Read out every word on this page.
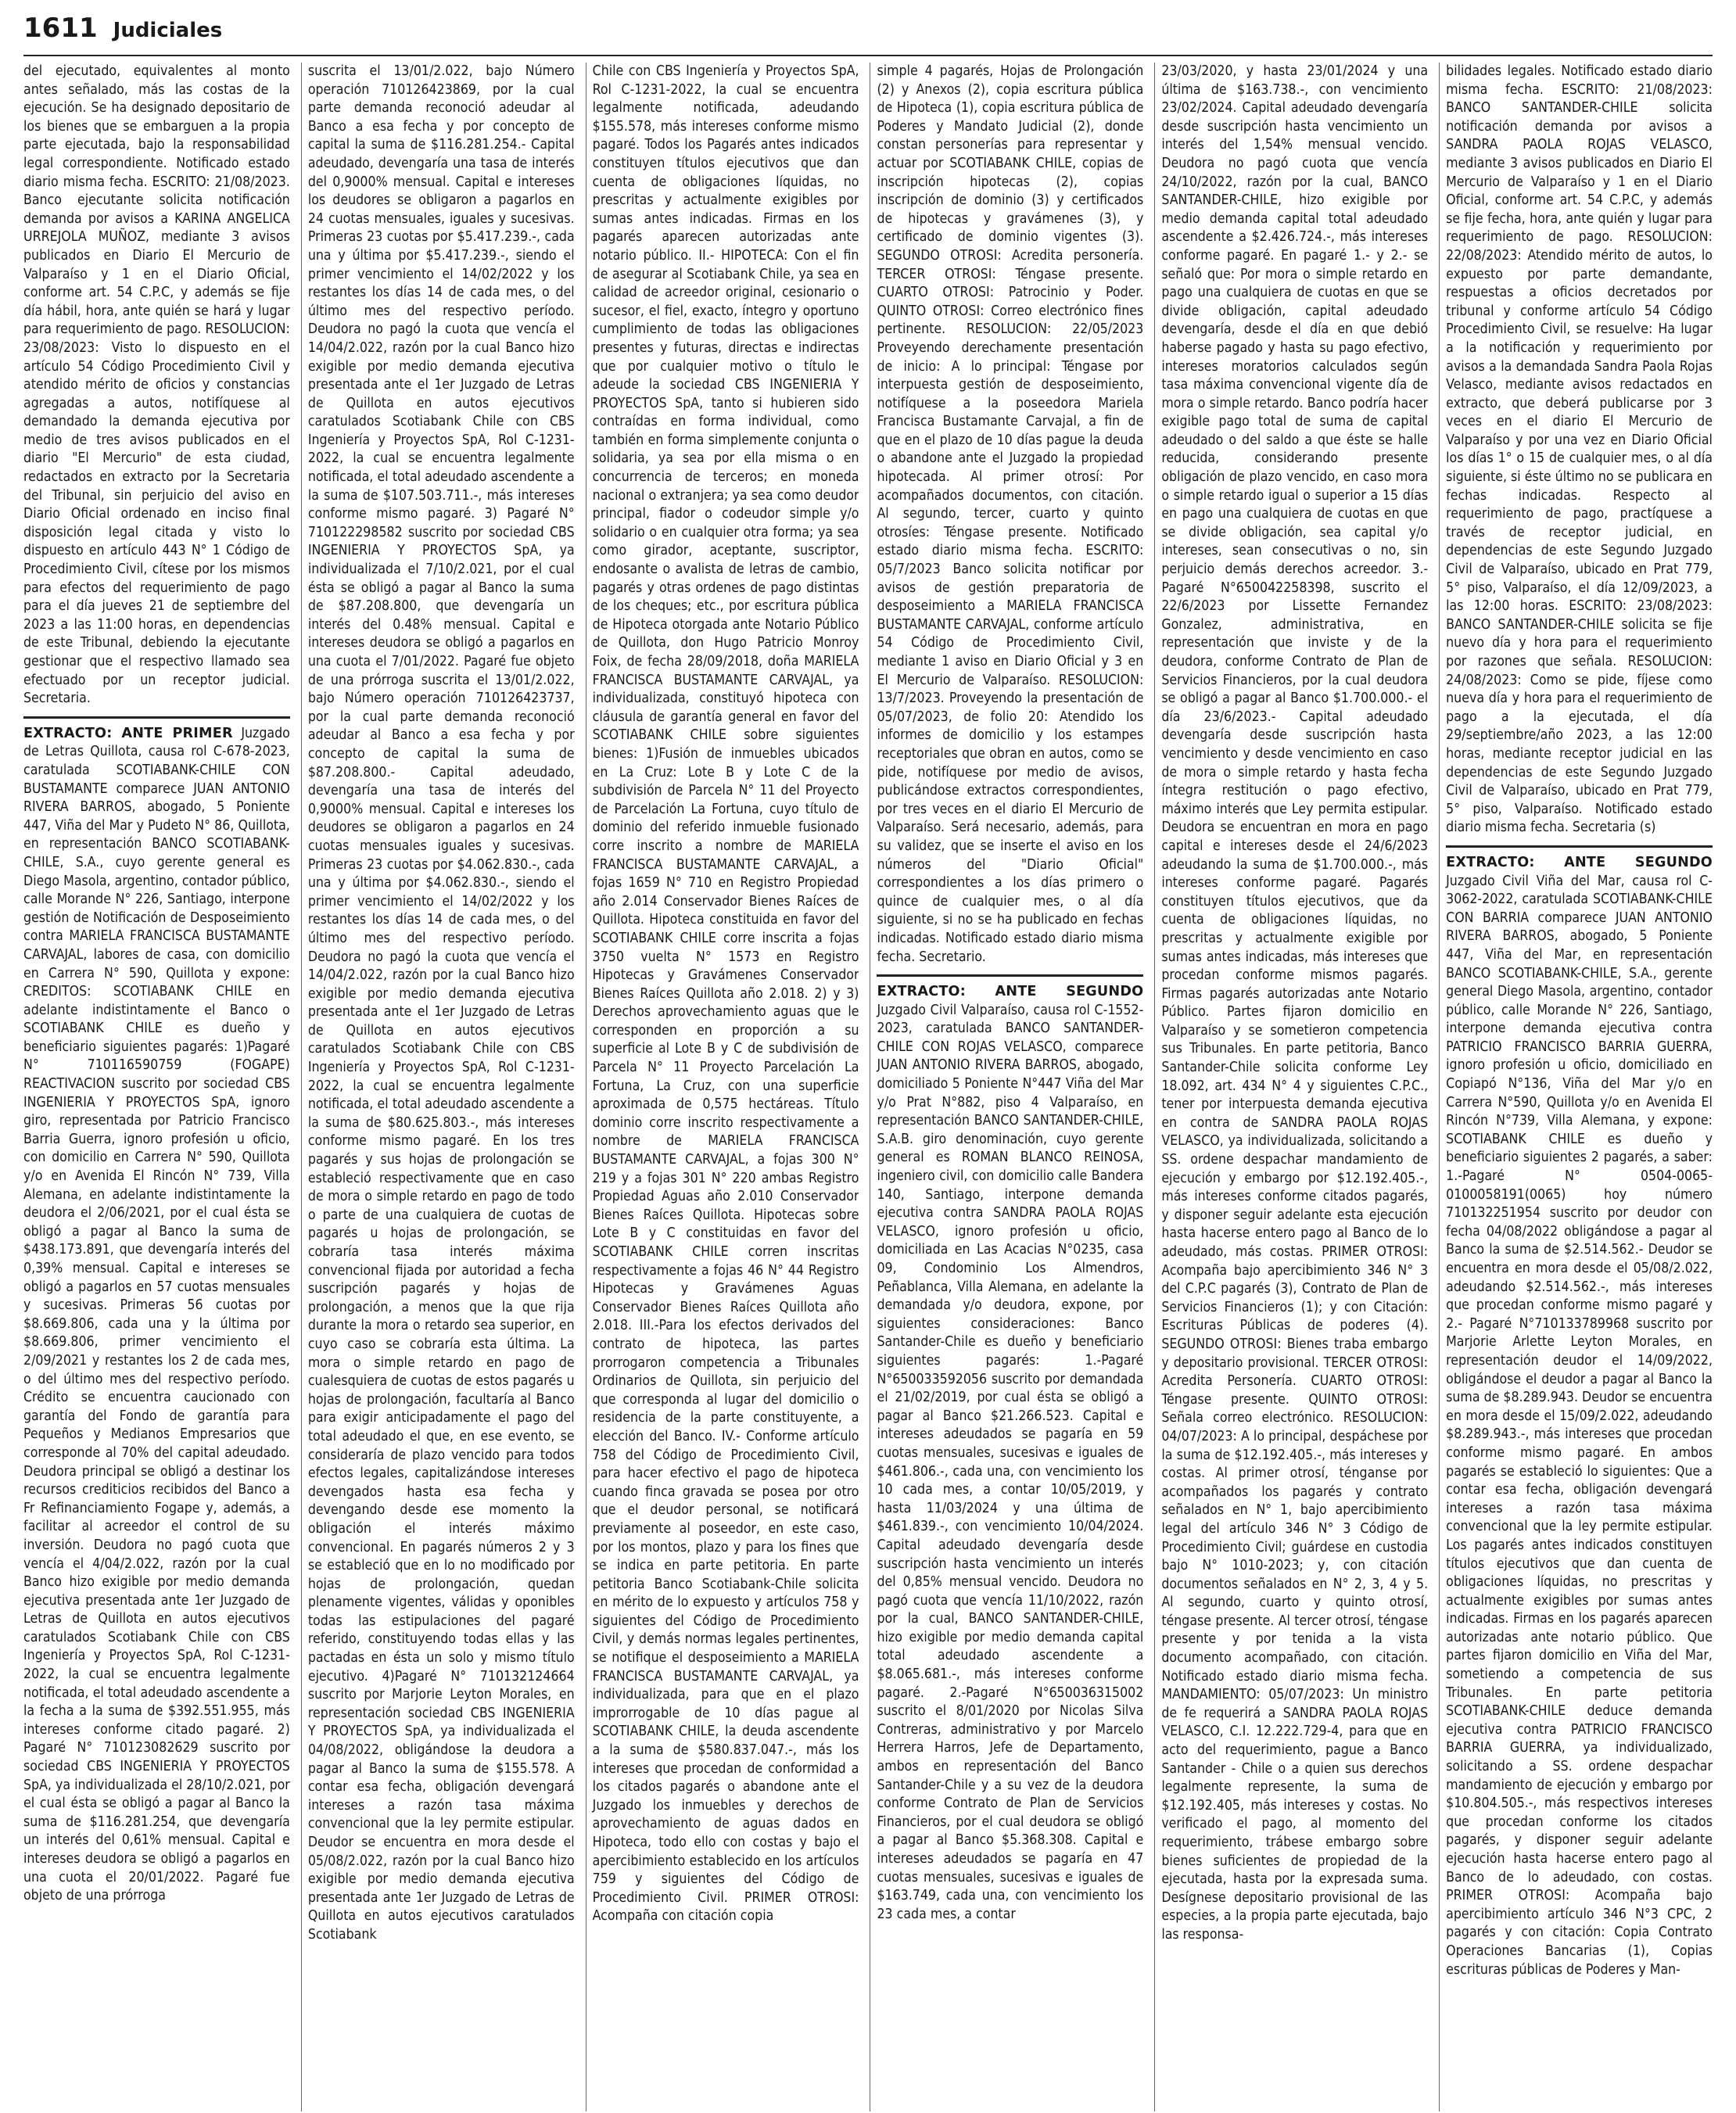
1611 Judiciales

del ejecutado, equivalentes al monto antes señalado, más las costas de la ejecución. Se ha designado depositario de los bienes que se embarguen a la propia parte ejecutada, bajo la responsabilidad legal correspondiente. Notificado estado diario misma fecha. ESCRITO: 21/08/2023. Banco ejecutante solicita notificación demanda por avisos a KARINA ANGELICA URREJOLA MUÑOZ, mediante 3 avisos publicados en Diario El Mercurio de Valparaíso y 1 en el Diario Oficial, conforme art. 54 C.P.C, y además se fije día hábil, hora, ante quién se hará y lugar para requerimiento de pago. RESOLUCION: 23/08/2023: Visto lo dispuesto en el artículo 54 Código Procedimiento Civil y atendido mérito de oficios y constancias agregadas a autos, notifíquese al demandado la demanda ejecutiva por medio de tres avisos publicados en el diario "El Mercurio" de esta ciudad, redactados en extracto por la Secretaria del Tribunal, sin perjuicio del aviso en Diario Oficial ordenado en inciso final disposición legal citada y visto lo dispuesto en artículo 443 N° 1 Código de Procedimiento Civil, cítese por los mismos para efectos del requerimiento de pago para el día jueves 21 de septiembre del 2023 a las 11:00 horas, en dependencias de este Tribunal, debiendo la ejecutante gestionar que el respectivo llamado sea efectuado por un receptor judicial. Secretaria.

EXTRACTO: ANTE PRIMER Juzgado de Letras Quillota, causa rol C-678-2023, caratulada SCOTIABANK-CHILE CON BUSTAMANTE comparece JUAN ANTONIO RIVERA BARROS, abogado, 5 Poniente 447, Viña del Mar y Pudeto N° 86, Quillota, en representación BANCO SCOTIABANK-CHILE, S.A., cuyo gerente general es Diego Masola, argentino, contador público, calle Morande N° 226, Santiago, interpone gestión de Notificación de Desposeimiento contra MARIELA FRANCISCA BUSTAMANTE CARVAJAL, labores de casa, con domicilio en Carrera N° 590, Quillota y expone: CREDITOS: SCOTIABANK CHILE en adelante indistintamente el Banco o SCOTIABANK CHILE es dueño y beneficiario siguientes pagarés: 1)Pagaré N° 710116590759 (FOGAPE) REACTIVACION suscrito por sociedad CBS INGENIERIA Y PROYECTOS SpA, ignoro giro, representada por Patricio Francisco Barria Guerra, ignoro profesión u oficio, con domicilio en Carrera N° 590, Quillota y/o en Avenida El Rincón N° 739, Villa Alemana, en adelante indistintamente la deudora el 2/06/2021, por el cual ésta se obligó a pagar al Banco la suma de $438.173.891, que devengaría interés del 0,39% mensual. Capital e intereses se obligó a pagarlos en 57 cuotas mensuales y sucesivas. Primeras 56 cuotas por $8.669.806, cada una y la última por $8.669.806, primer vencimiento el 2/09/2021 y restantes los 2 de cada mes, o del último mes del respectivo período. Crédito se encuentra caucionado con garantía del Fondo de garantía para Pequeños y Medianos Empresarios que corresponde al 70% del capital adeudado. Deudora principal se obligó a destinar los recursos crediticios recibidos del Banco a Fr Refinanciamiento Fogape y, además, a facilitar al acreedor el control de su inversión. Deudora no pagó cuota que vencía el 4/04/2.022, razón por la cual Banco hizo exigible por medio demanda ejecutiva presentada ante 1er Juzgado de Letras de Quillota en autos ejecutivos caratulados Scotiabank Chile con CBS Ingeniería y Proyectos SpA, Rol C-1231-2022, la cual se encuentra legalmente notificada, el total adeudado ascendente a la fecha a la suma de $392.551.955, más intereses conforme citado pagaré. 2) Pagaré N° 710123082629 suscrito por sociedad CBS INGENIERIA Y PROYECTOS SpA, ya individualizada el 28/10/2.021, por el cual ésta se obligó a pagar al Banco la suma de $116.281.254, que devengaría un interés del 0,61% mensual. Capital e intereses deudora se obligó a pagarlos en una cuota el 20/01/2022. Pagaré fue objeto de una prórroga

suscrita el 13/01/2.022, bajo Número operación 710126423869, por la cual parte demanda reconoció adeudar al Banco a esa fecha y por concepto de capital la suma de $116.281.254.- Capital adeudado, devengaría una tasa de interés del 0,9000% mensual. Capital e intereses los deudores se obligaron a pagarlos en 24 cuotas mensuales, iguales y sucesivas. Primeras 23 cuotas por $5.417.239.-, cada una y última por $5.417.239.-, siendo el primer vencimiento el 14/02/2022 y los restantes los días 14 de cada mes, o del último mes del respectivo período. Deudora no pagó la cuota que vencía el 14/04/2.022, razón por la cual Banco hizo exigible por medio demanda ejecutiva presentada ante el 1er Juzgado de Letras de Quillota en autos ejecutivos caratulados Scotiabank Chile con CBS Ingeniería y Proyectos SpA, Rol C-1231-2022, la cual se encuentra legalmente notificada, el total adeudado ascendente a la suma de $107.503.711.-, más intereses conforme mismo pagaré. 3) Pagaré N° 710122298582 suscrito por sociedad CBS INGENIERIA Y PROYECTOS SpA, ya individualizada el 7/10/2.021, por el cual ésta se obligó a pagar al Banco la suma de $87.208.800, que devengaría un interés del 0.48% mensual. Capital e intereses deudora se obligó a pagarlos en una cuota el 7/01/2022. Pagaré fue objeto de una prórroga suscrita el 13/01/2.022, bajo Número operación 710126423737, por la cual parte demanda reconoció adeudar al Banco a esa fecha y por concepto de capital la suma de $87.208.800.- Capital adeudado, devengaría una tasa de interés del 0,9000% mensual. Capital e intereses los deudores se obligaron a pagarlos en 24 cuotas mensuales iguales y sucesivas. Primeras 23 cuotas por $4.062.830.-, cada una y última por $4.062.830.-, siendo el primer vencimiento el 14/02/2022 y los restantes los días 14 de cada mes, o del último mes del respectivo período. Deudora no pagó la cuota que vencía el 14/04/2.022, razón por la cual Banco hizo exigible por medio demanda ejecutiva presentada ante el 1er Juzgado de Letras de Quillota en autos ejecutivos caratulados Scotiabank Chile con CBS Ingeniería y Proyectos SpA, Rol C-1231-2022, la cual se encuentra legalmente notificada, el total adeudado ascendente a la suma de $80.625.803.-, más intereses conforme mismo pagaré. En los tres pagarés y sus hojas de prolongación se estableció respectivamente que en caso de mora o simple retardo en pago de todo o parte de una cualquiera de cuotas de pagarés u hojas de prolongación, se cobraría tasa interés máxima convencional fijada por autoridad a fecha suscripción pagarés y hojas de prolongación, a menos que la que rija durante la mora o retardo sea superior, en cuyo caso se cobraría esta última. La mora o simple retardo en pago de cualesquiera de cuotas de estos pagarés u hojas de prolongación, facultaría al Banco para exigir anticipadamente el pago del total adeudado el que, en ese evento, se consideraría de plazo vencido para todos efectos legales, capitalizándose intereses devengados hasta esa fecha y devengando desde ese momento la obligación el interés máximo convencional. En pagarés números 2 y 3 se estableció que en lo no modificado por hojas de prolongación, quedan plenamente vigentes, válidas y oponibles todas las estipulaciones del pagaré referido, constituyendo todas ellas y las pactadas en ésta un solo y mismo título ejecutivo. 4)Pagaré N° 710132124664 suscrito por Marjorie Leyton Morales, en representación sociedad CBS INGENIERIA Y PROYECTOS SpA, ya individualizada el 04/08/2022, obligándose la deudora a pagar al Banco la suma de $155.578. A contar esa fecha, obligación devengará intereses a razón tasa máxima convencional que la ley permite estipular. Deudor se encuentra en mora desde el 05/08/2.022, razón por la cual Banco hizo exigible por medio demanda ejecutiva presentada ante 1er Juzgado de Letras de Quillota en autos ejecutivos caratulados Scotiabank

Chile con CBS Ingeniería y Proyectos SpA, Rol C-1231-2022, la cual se encuentra legalmente notificada, adeudando $155.578, más intereses conforme mismo pagaré. Todos los Pagarés antes indicados constituyen títulos ejecutivos que dan cuenta de obligaciones líquidas, no prescritas y actualmente exigibles por sumas antes indicadas. Firmas en los pagarés aparecen autorizadas ante notario público. II.- HIPOTECA: Con el fin de asegurar al Scotiabank Chile, ya sea en calidad de acreedor original, cesionario o sucesor, el fiel, exacto, íntegro y oportuno cumplimiento de todas las obligaciones presentes y futuras, directas e indirectas que por cualquier motivo o título le adeude la sociedad CBS INGENIERIA Y PROYECTOS SpA, tanto si hubieren sido contraídas en forma individual, como también en forma simplemente conjunta o solidaria, ya sea por ella misma o en concurrencia de terceros; en moneda nacional o extranjera; ya sea como deudor principal, fiador o codeudor simple y/o solidario o en cualquier otra forma; ya sea como girador, aceptante, suscriptor, endosante o avalista de letras de cambio, pagarés y otras ordenes de pago distintas de los cheques; etc., por escritura pública de Hipoteca otorgada ante Notario Público de Quillota, don Hugo Patricio Monroy Foix, de fecha 28/09/2018, doña MARIELA FRANCISCA BUSTAMANTE CARVAJAL, ya individualizada, constituyó hipoteca con cláusula de garantía general en favor del SCOTIABANK CHILE sobre siguientes bienes: 1)Fusión de inmuebles ubicados en La Cruz: Lote B y Lote C de la subdivisión de Parcela N° 11 del Proyecto de Parcelación La Fortuna, cuyo título de dominio del referido inmueble fusionado corre inscrito a nombre de MARIELA FRANCISCA BUSTAMANTE CARVAJAL, a fojas 1659 N° 710 en Registro Propiedad año 2.014 Conservador Bienes Raíces de Quillota. Hipoteca constituida en favor del SCOTIABANK CHILE corre inscrita a fojas 3750 vuelta N° 1573 en Registro Hipotecas y Gravámenes Conservador Bienes Raíces Quillota año 2.018. 2) y 3) Derechos aprovechamiento aguas que le corresponden en proporción a su superficie al Lote B y C de subdivisión de Parcela N° 11 Proyecto Parcelación La Fortuna, La Cruz, con una superficie aproximada de 0,575 hectáreas. Título dominio corre inscrito respectivamente a nombre de MARIELA FRANCISCA BUSTAMANTE CARVAJAL, a fojas 300 N° 219 y a fojas 301 N° 220 ambas Registro Propiedad Aguas año 2.010 Conservador Bienes Raíces Quillota. Hipotecas sobre Lote B y C constituidas en favor del SCOTIABANK CHILE corren inscritas respectivamente a fojas 46 N° 44 Registro Hipotecas y Gravámenes Aguas Conservador Bienes Raíces Quillota año 2.018. III.-Para los efectos derivados del contrato de hipoteca, las partes prorrogaron competencia a Tribunales Ordinarios de Quillota, sin perjuicio del que corresponda al lugar del domicilio o residencia de la parte constituyente, a elección del Banco. IV.- Conforme artículo 758 del Código de Procedimiento Civil, para hacer efectivo el pago de hipoteca cuando finca gravada se posea por otro que el deudor personal, se notificará previamente al poseedor, en este caso, por los montos, plazo y para los fines que se indica en parte petitoria. En parte petitoria Banco Scotiabank-Chile solicita en mérito de lo expuesto y artículos 758 y siguientes del Código de Procedimiento Civil, y demás normas legales pertinentes, se notifique el desposeimiento a MARIELA FRANCISCA BUSTAMANTE CARVAJAL, ya individualizada, para que en el plazo improrrogable de 10 días pague al SCOTIABANK CHILE, la deuda ascendente a la suma de $580.837.047.-, más los intereses que procedan de conformidad a los citados pagarés o abandone ante el Juzgado los inmuebles y derechos de aprovechamiento de aguas dados en Hipoteca, todo ello con costas y bajo el apercibimiento establecido en los artículos 759 y siguientes del Código de Procedimiento Civil. PRIMER OTROSI: Acompaña con citación copia

simple 4 pagarés, Hojas de Prolongación (2) y Anexos (2), copia escritura pública de Hipoteca (1), copia escritura pública de Poderes y Mandato Judicial (2), donde constan personerías para representar y actuar por SCOTIABANK CHILE, copias de inscripción hipotecas (2), copias inscripción de dominio (3) y certificados de hipotecas y gravámenes (3), y certificado de dominio vigentes (3). SEGUNDO OTROSI: Acredita personería. TERCER OTROSI: Téngase presente. CUARTO OTROSI: Patrocinio y Poder. QUINTO OTROSI: Correo electrónico fines pertinente. RESOLUCION: 22/05/2023 Proveyendo derechamente presentación de inicio: A lo principal: Téngase por interpuesta gestión de desposeimiento, notifíquese a la poseedora Mariela Francisca Bustamante Carvajal, a fin de que en el plazo de 10 días pague la deuda o abandone ante el Juzgado la propiedad hipotecada. Al primer otrosí: Por acompañados documentos, con citación. Al segundo, tercer, cuarto y quinto otrosíes: Téngase presente. Notificado estado diario misma fecha. ESCRITO: 05/7/2023 Banco solicita notificar por avisos de gestión preparatoria de desposeimiento a MARIELA FRANCISCA BUSTAMANTE CARVAJAL, conforme artículo 54 Código de Procedimiento Civil, mediante 1 aviso en Diario Oficial y 3 en El Mercurio de Valparaíso. RESOLUCION: 13/7/2023. Proveyendo la presentación de 05/07/2023, de folio 20: Atendido los informes de domicilio y los estampes receptoriales que obran en autos, como se pide, notifíquese por medio de avisos, publicándose extractos correspondientes, por tres veces en el diario El Mercurio de Valparaíso. Será necesario, además, para su validez, que se inserte el aviso en los números del "Diario Oficial" correspondientes a los días primero o quince de cualquier mes, o al día siguiente, si no se ha publicado en fechas indicadas. Notificado estado diario misma fecha. Secretario.

EXTRACTO: ANTE SEGUNDO Juzgado Civil Valparaíso, causa rol C-1552-2023, caratulada BANCO SANTANDER-CHILE CON ROJAS VELASCO, comparece JUAN ANTONIO RIVERA BARROS, abogado, domiciliado 5 Poniente N°447 Viña del Mar y/o Prat N°882, piso 4 Valparaíso, en representación BANCO SANTANDER-CHILE, S.A.B. giro denominación, cuyo gerente general es ROMAN BLANCO REINOSA, ingeniero civil, con domicilio calle Bandera 140, Santiago, interpone demanda ejecutiva contra SANDRA PAOLA ROJAS VELASCO, ignoro profesión u oficio, domiciliada en Las Acacias N°0235, casa 09, Condominio Los Almendros, Peñablanca, Villa Alemana, en adelante la demandada y/o deudora, expone, por siguientes consideraciones: Banco Santander-Chile es dueño y beneficiario siguientes pagarés: 1.-Pagaré N°650033592056 suscrito por demandada el 21/02/2019, por cual ésta se obligó a pagar al Banco $21.266.523. Capital e intereses adeudados se pagaría en 59 cuotas mensuales, sucesivas e iguales de $461.806.-, cada una, con vencimiento los 10 cada mes, a contar 10/05/2019, y hasta 11/03/2024 y una última de $461.839.-, con vencimiento 10/04/2024. Capital adeudado devengaría desde suscripción hasta vencimiento un interés del 0,85% mensual vencido. Deudora no pagó cuota que vencía 11/10/2022, razón por la cual, BANCO SANTANDER-CHILE, hizo exigible por medio demanda capital total adeudado ascendente a $8.065.681.-, más intereses conforme pagaré. 2.-Pagaré N°650036315002 suscrito el 8/01/2020 por Nicolas Silva Contreras, administrativo y por Marcelo Herrera Harros, Jefe de Departamento, ambos en representación del Banco Santander-Chile y a su vez de la deudora conforme Contrato de Plan de Servicios Financieros, por el cual deudora se obligó a pagar al Banco $5.368.308. Capital e intereses adeudados se pagaría en 47 cuotas mensuales, sucesivas e iguales de $163.749, cada una, con vencimiento los 23 cada mes, a contar

23/03/2020, y hasta 23/01/2024 y una última de $163.738.-, con vencimiento 23/02/2024. Capital adeudado devengaría desde suscripción hasta vencimiento un interés del 1,54% mensual vencido. Deudora no pagó cuota que vencía 24/10/2022, razón por la cual, BANCO SANTANDER-CHILE, hizo exigible por medio demanda capital total adeudado ascendente a $2.426.724.-, más intereses conforme pagaré. En pagaré 1.- y 2.- se señaló que: Por mora o simple retardo en pago una cualquiera de cuotas en que se divide obligación, capital adeudado devengaría, desde el día en que debió haberse pagado y hasta su pago efectivo, intereses moratorios calculados según tasa máxima convencional vigente día de mora o simple retardo. Banco podría hacer exigible pago total de suma de capital adeudado o del saldo a que éste se halle reducida, considerando presente obligación de plazo vencido, en caso mora o simple retardo igual o superior a 15 días en pago una cualquiera de cuotas en que se divide obligación, sea capital y/o intereses, sean consecutivas o no, sin perjuicio demás derechos acreedor. 3.- Pagaré N°650042258398, suscrito el 22/6/2023 por Lissette Fernandez Gonzalez, administrativa, en representación que inviste y de la deudora, conforme Contrato de Plan de Servicios Financieros, por la cual deudora se obligó a pagar al Banco $1.700.000.- el día 23/6/2023.- Capital adeudado devengaría desde suscripción hasta vencimiento y desde vencimiento en caso de mora o simple retardo y hasta fecha íntegra restitución o pago efectivo, máximo interés que Ley permita estipular. Deudora se encuentran en mora en pago capital e intereses desde el 24/6/2023 adeudando la suma de $1.700.000.-, más intereses conforme pagaré. Pagarés constituyen títulos ejecutivos, que da cuenta de obligaciones líquidas, no prescritas y actualmente exigible por sumas antes indicadas, más intereses que procedan conforme mismos pagarés. Firmas pagarés autorizadas ante Notario Público. Partes fijaron domicilio en Valparaíso y se sometieron competencia sus Tribunales. En parte petitoria, Banco Santander-Chile solicita conforme Ley 18.092, art. 434 N° 4 y siguientes C.P.C., tener por interpuesta demanda ejecutiva en contra de SANDRA PAOLA ROJAS VELASCO, ya individualizada, solicitando a SS. ordene despachar mandamiento de ejecución y embargo por $12.192.405.-, más intereses conforme citados pagarés, y disponer seguir adelante esta ejecución hasta hacerse entero pago al Banco de lo adeudado, más costas. PRIMER OTROSI: Acompaña bajo apercibimiento 346 N° 3 del C.P.C pagarés (3), Contrato de Plan de Servicios Financieros (1); y con Citación: Escrituras Públicas de poderes (4). SEGUNDO OTROSI: Bienes traba embargo y depositario provisional. TERCER OTROSI: Acredita Personería. CUARTO OTROSI: Téngase presente. QUINTO OTROSI: Señala correo electrónico. RESOLUCION: 04/07/2023: A lo principal, despáchese por la suma de $12.192.405.-, más intereses y costas. Al primer otrosí, ténganse por acompañados los pagarés y contrato señalados en N° 1, bajo apercibimiento legal del artículo 346 N° 3 Código de Procedimiento Civil; guárdese en custodia bajo N° 1010-2023; y, con citación documentos señalados en N° 2, 3, 4 y 5. Al segundo, cuarto y quinto otrosí, téngase presente. Al tercer otrosí, téngase presente y por tenida a la vista documento acompañado, con citación. Notificado estado diario misma fecha. MANDAMIENTO: 05/07/2023: Un ministro de fe requerirá a SANDRA PAOLA ROJAS VELASCO, C.I. 12.222.729-4, para que en acto del requerimiento, pague a Banco Santander - Chile o a quien sus derechos legalmente represente, la suma de $12.192.405, más intereses y costas. No verificado el pago, al momento del requerimiento, trábese embargo sobre bienes suficientes de propiedad de la ejecutada, hasta por la expresada suma. Desígnese depositario provisional de las especies, a la propia parte ejecutada, bajo las responsa-

bilidades legales. Notificado estado diario misma fecha. ESCRITO: 21/08/2023: BANCO SANTANDER-CHILE solicita notificación demanda por avisos a SANDRA PAOLA ROJAS VELASCO, mediante 3 avisos publicados en Diario El Mercurio de Valparaíso y 1 en el Diario Oficial, conforme art. 54 C.P.C, y además se fije fecha, hora, ante quién y lugar para requerimiento de pago. RESOLUCION: 22/08/2023: Atendido mérito de autos, lo expuesto por parte demandante, respuestas a oficios decretados por tribunal y conforme artículo 54 Código Procedimiento Civil, se resuelve: Ha lugar a la notificación y requerimiento por avisos a la demandada Sandra Paola Rojas Velasco, mediante avisos redactados en extracto, que deberá publicarse por 3 veces en el diario El Mercurio de Valparaíso y por una vez en Diario Oficial los días 1° o 15 de cualquier mes, o al día siguiente, si éste último no se publicara en fechas indicadas. Respecto al requerimiento de pago, practíquese a través de receptor judicial, en dependencias de este Segundo Juzgado Civil de Valparaíso, ubicado en Prat 779, 5° piso, Valparaíso, el día 12/09/2023, a las 12:00 horas. ESCRITO: 23/08/2023: BANCO SANTANDER-CHILE solicita se fije nuevo día y hora para el requerimiento por razones que señala. RESOLUCION: 24/08/2023: Como se pide, fíjese como nueva día y hora para el requerimiento de pago a la ejecutada, el día 29/septiembre/año 2023, a las 12:00 horas, mediante receptor judicial en las dependencias de este Segundo Juzgado Civil de Valparaíso, ubicado en Prat 779, 5° piso, Valparaíso. Notificado estado diario misma fecha. Secretaria (s)

EXTRACTO: ANTE SEGUNDO Juzgado Civil Viña del Mar, causa rol C-3062-2022, caratulada SCOTIABANK-CHILE CON BARRIA comparece JUAN ANTONIO RIVERA BARROS, abogado, 5 Poniente 447, Viña del Mar, en representación BANCO SCOTIABANK-CHILE, S.A., gerente general Diego Masola, argentino, contador público, calle Morande N° 226, Santiago, interpone demanda ejecutiva contra PATRICIO FRANCISCO BARRIA GUERRA, ignoro profesión u oficio, domiciliado en Copiapó N°136, Viña del Mar y/o en Carrera N°590, Quillota y/o en Avenida El Rincón N°739, Villa Alemana, y expone: SCOTIABANK CHILE es dueño y beneficiario siguientes 2 pagarés, a saber: 1.-Pagaré N° 0504-0065-0100058191(0065) hoy número 710132251954 suscrito por deudor con fecha 04/08/2022 obligándose a pagar al Banco la suma de $2.514.562.- Deudor se encuentra en mora desde el 05/08/2.022, adeudando $2.514.562.-, más intereses que procedan conforme mismo pagaré y 2.- Pagaré N°710133789968 suscrito por Marjorie Arlette Leyton Morales, en representación deudor el 14/09/2022, obligándose el deudor a pagar al Banco la suma de $8.289.943. Deudor se encuentra en mora desde el 15/09/2.022, adeudando $8.289.943.-, más intereses que procedan conforme mismo pagaré. En ambos pagarés se estableció lo siguientes: Que a contar esa fecha, obligación devengará intereses a razón tasa máxima convencional que la ley permite estipular. Los pagarés antes indicados constituyen títulos ejecutivos que dan cuenta de obligaciones líquidas, no prescritas y actualmente exigibles por sumas antes indicadas. Firmas en los pagarés aparecen autorizadas ante notario público. Que partes fijaron domicilio en Viña del Mar, sometiendo a competencia de sus Tribunales. En parte petitoria SCOTIABANK-CHILE deduce demanda ejecutiva contra PATRICIO FRANCISCO BARRIA GUERRA, ya individualizado, solicitando a SS. ordene despachar mandamiento de ejecución y embargo por $10.804.505.-, más respectivos intereses que procedan conforme los citados pagarés, y disponer seguir adelante ejecución hasta hacerse entero pago al Banco de lo adeudado, con costas. PRIMER OTROSI: Acompaña bajo apercibimiento artículo 346 N°3 CPC, 2 pagarés y con citación: Copia Contrato Operaciones Bancarias (1), Copias escrituras públicas de Poderes y Man-
